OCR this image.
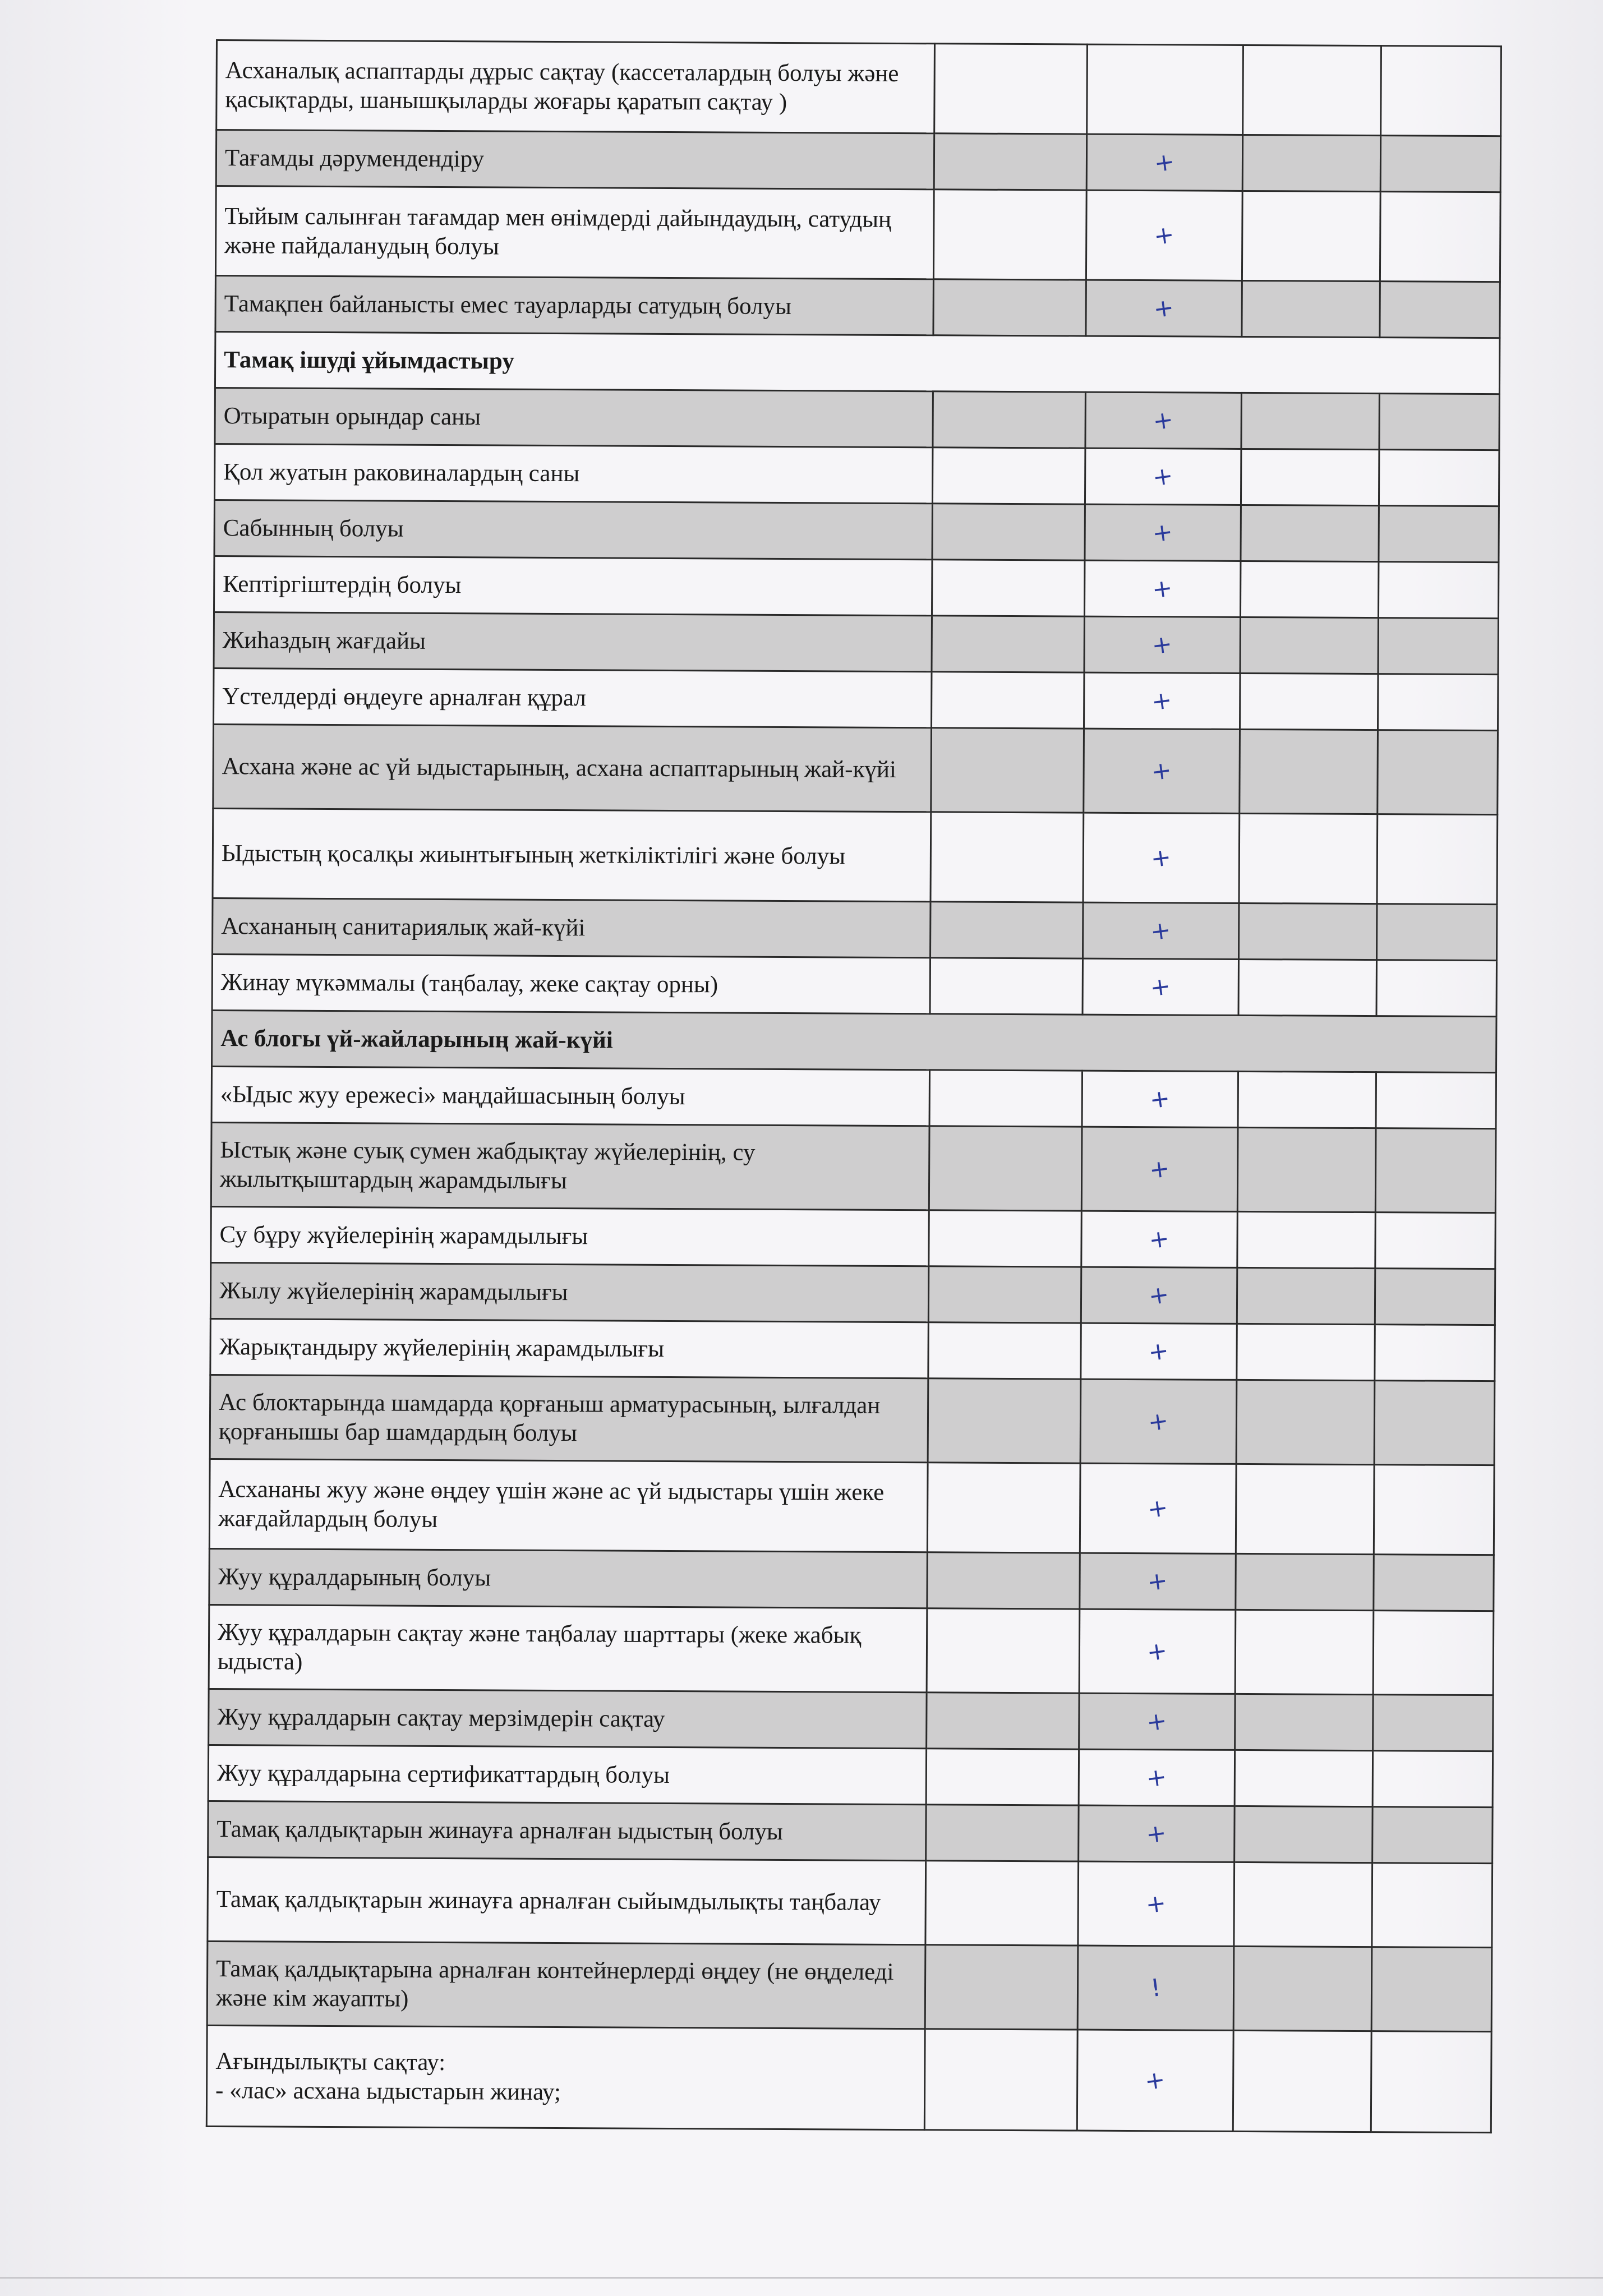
Асханалық аспаптарды дұрыс сақтау (кассеталардың болуы және қасықтарды, шанышқыларды жоғары қаратып сақтау )				
Тағамды дәрумендендіру		+		
Тыйым салынған тағамдар мен өнімдерді дайындаудың, сатудың және пайдаланудың болуы		+		
Тамақпен байланысты емес тауарларды сатудың болуы		+		
Тамақ ішуді ұйымдастыру				
Отыратын орындар саны		+		
Қол жуатын раковиналардың саны		+		
Сабынның болуы		+		
Кептіргіштердің болуы		+		
Жиһаздың жағдайы		+		
Үстелдерді өңдеуге арналған құрал		+		
Асхана және ас үй ыдыстарының, асхана аспаптарының жай-күйі		+		
Ыдыстың қосалқы жиынтығының жеткіліктілігі және болуы		+		
Асхананың санитариялық жай-күйі		+		
Жинау мүкәммалы (таңбалау, жеке сақтау орны)		+		
Ас блогы үй-жайларының жай-күйі				
«Ыдыс жуу ережесі» маңдайшасының болуы		+		
Ыстық және суық сумен жабдықтау жүйелерінің, су жылытқыштардың жарамдылығы		+		
Су бұру жүйелерінің жарамдылығы		+		
Жылу жүйелерінің жарамдылығы		+		
Жарықтандыру жүйелерінің жарамдылығы		+		
Ас блоктарында шамдарда қорғаныш арматурасының, ылғалдан қорғанышы бар шамдардың болуы		+		
Асхананы жуу және өңдеу үшін және ас үй ыдыстары үшін жеке жағдайлардың болуы		+		
Жуу құралдарының болуы		+		
Жуу құралдарын сақтау және таңбалау шарттары (жеке жабық ыдыста)		+		
Жуу құралдарын сақтау мерзімдерін сақтау		+		
Жуу құралдарына сертификаттардың болуы		+		
Тамақ қалдықтарын жинауға арналған ыдыстың болуы		+		
Тамақ қалдықтарын жинауға арналған сыйымдылықты таңбалау		+		
Тамақ қалдықтарына арналған контейнерлерді өңдеу (не өңделеді және кім жауапты)		!		
Ағындылықты сақтау:
- «лас» асхана ыдыстарын жинау;		+		
